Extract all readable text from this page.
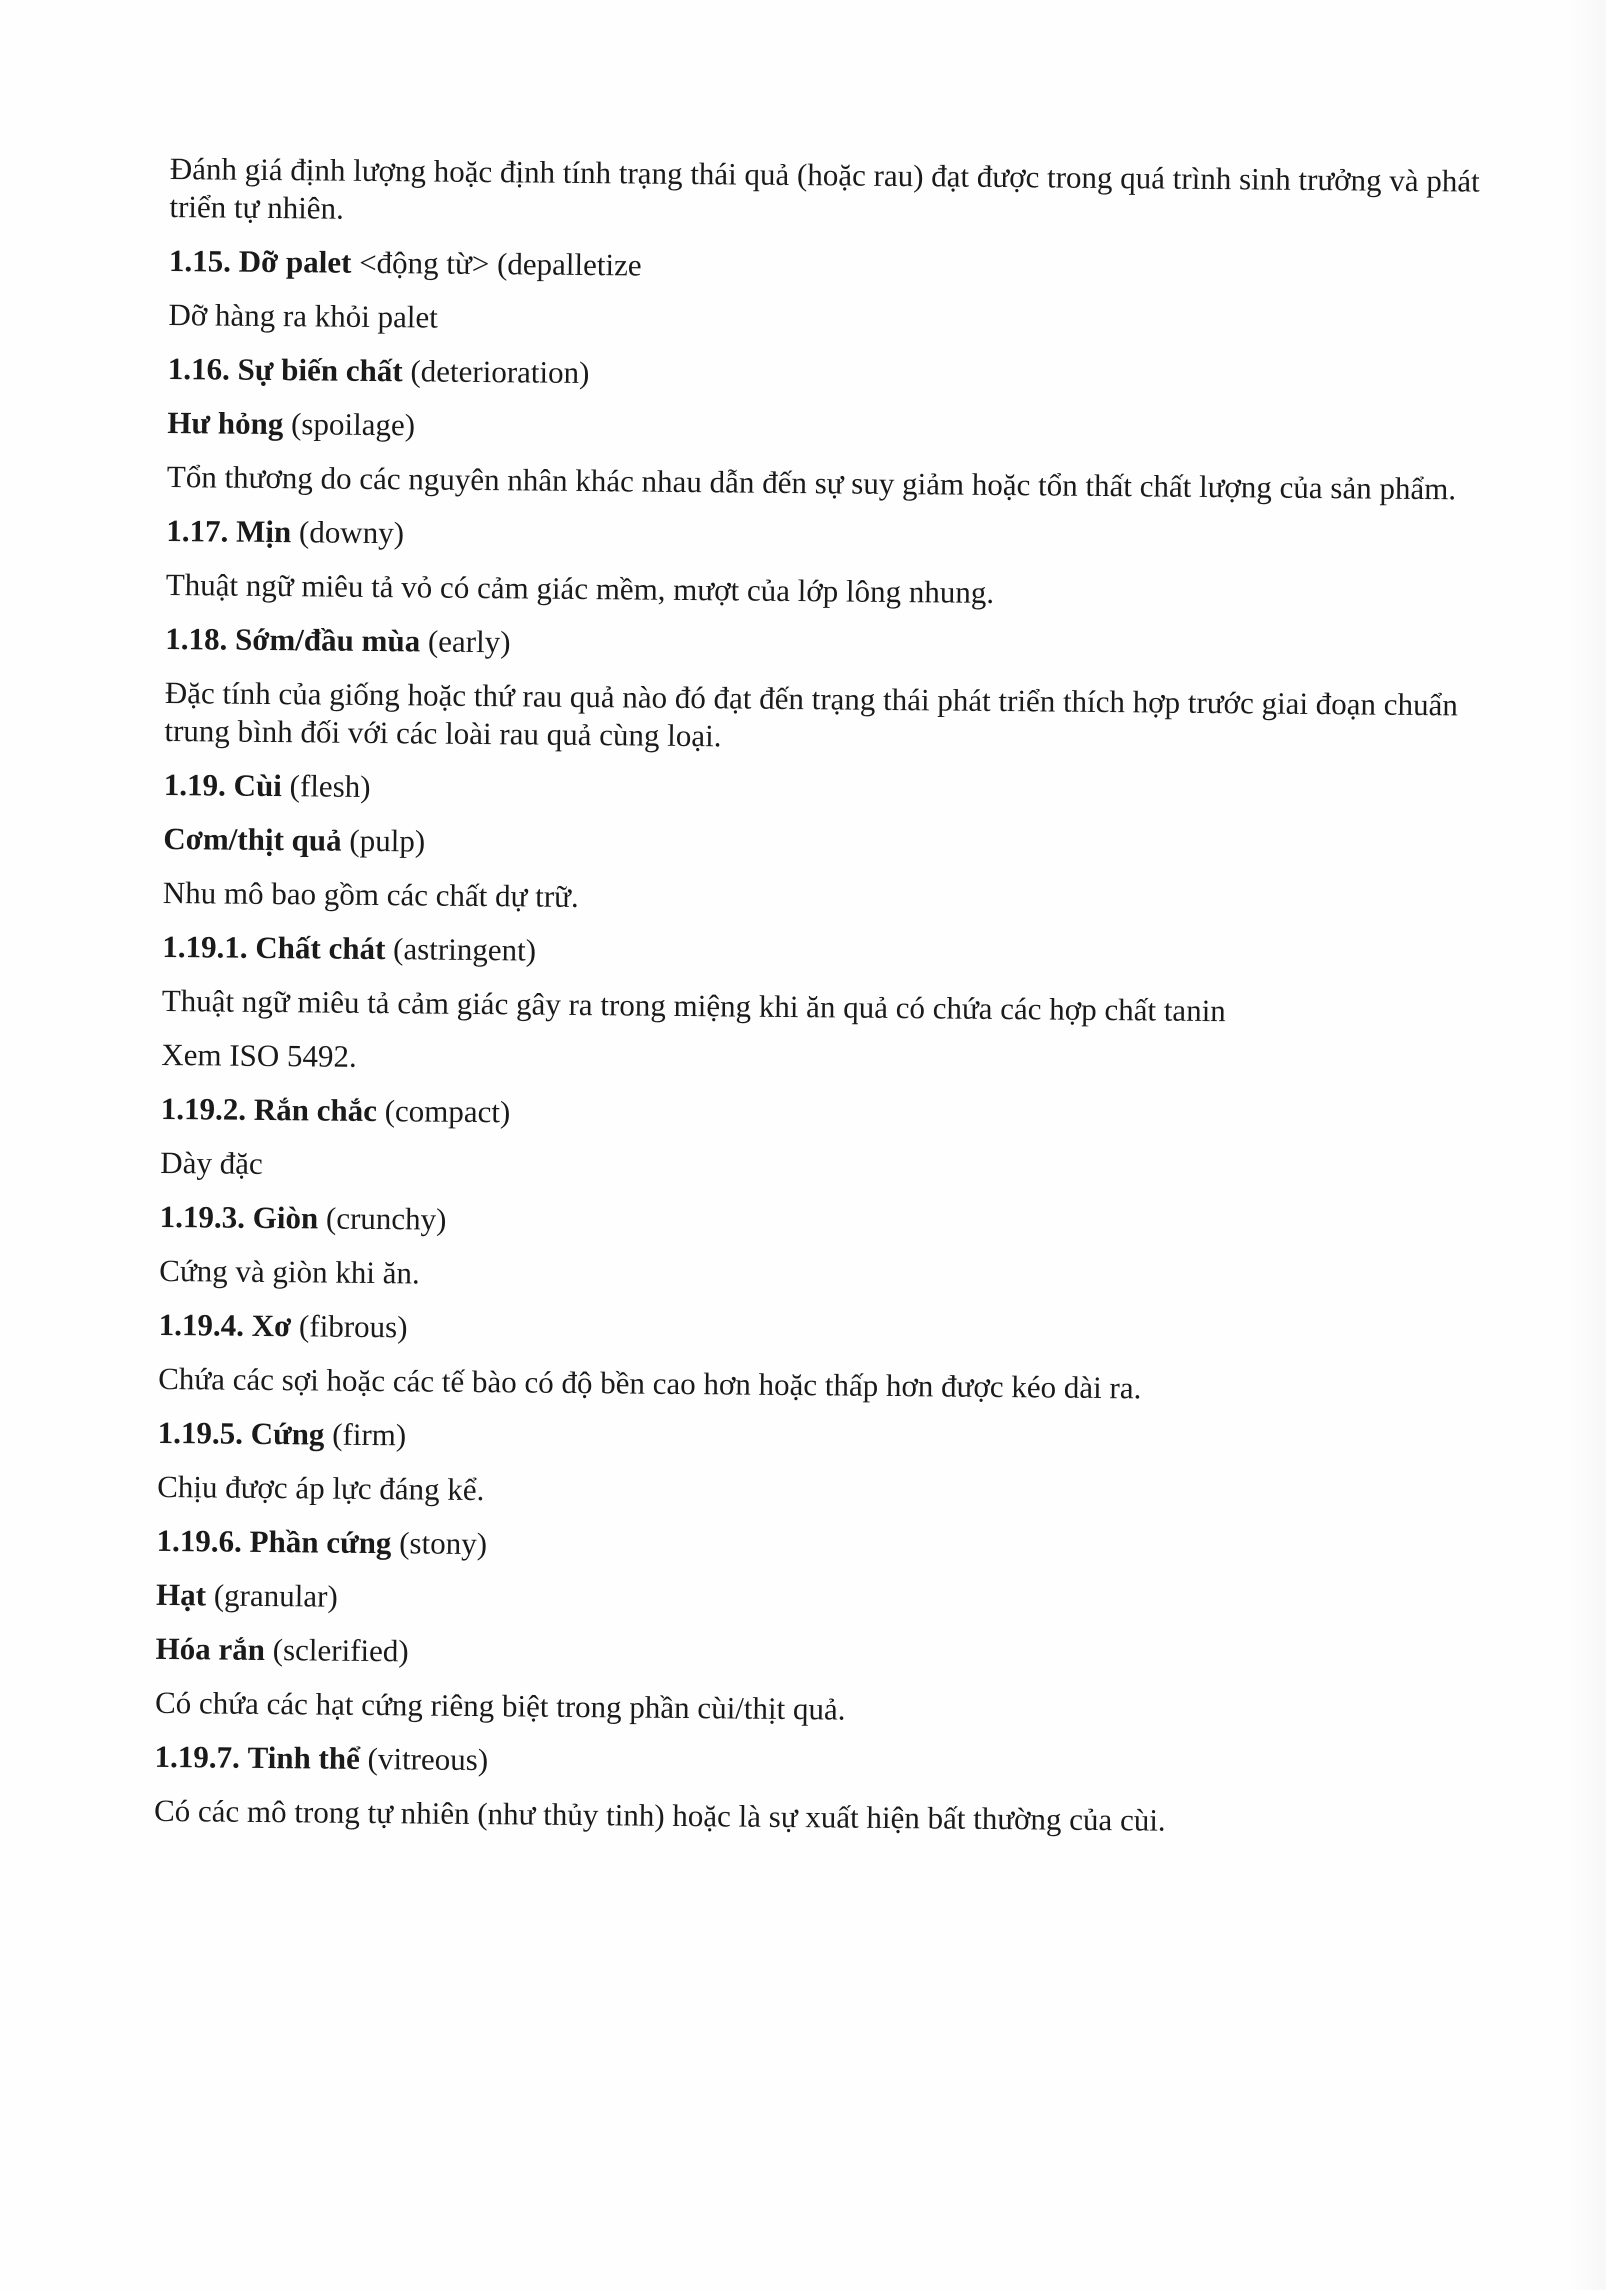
Đánh giá định lượng hoặc định tính trạng thái quả (hoặc rau) đạt được trong quá trình sinh trưởng và phát triển tự nhiên.

1.15. Dỡ palet <động từ> (depalletize

Dỡ hàng ra khỏi palet

1.16. Sự biến chất (deterioration)

Hư hỏng (spoilage)

Tổn thương do các nguyên nhân khác nhau dẫn đến sự suy giảm hoặc tổn thất chất lượng của sản phẩm.

1.17. Mịn (downy)

Thuật ngữ miêu tả vỏ có cảm giác mềm, mượt của lớp lông nhung.

1.18. Sớm/đầu mùa (early)

Đặc tính của giống hoặc thứ rau quả nào đó đạt đến trạng thái phát triển thích hợp trước giai đoạn chuẩn trung bình đối với các loài rau quả cùng loại.

1.19. Cùi (flesh)

Cơm/thịt quả (pulp)

Nhu mô bao gồm các chất dự trữ.

1.19.1. Chất chát (astringent)

Thuật ngữ miêu tả cảm giác gây ra trong miệng khi ăn quả có chứa các hợp chất tanin

Xem ISO 5492.

1.19.2. Rắn chắc (compact)

Dày đặc

1.19.3. Giòn (crunchy)

Cứng và giòn khi ăn.

1.19.4. Xơ (fibrous)

Chứa các sợi hoặc các tế bào có độ bền cao hơn hoặc thấp hơn được kéo dài ra.

1.19.5. Cứng (firm)

Chịu được áp lực đáng kể.

1.19.6. Phần cứng (stony)

Hạt (granular)

Hóa rắn (sclerified)

Có chứa các hạt cứng riêng biệt trong phần cùi/thịt quả.

1.19.7. Tinh thể (vitreous)

Có các mô trong tự nhiên (như thủy tinh) hoặc là sự xuất hiện bất thường của cùi.
